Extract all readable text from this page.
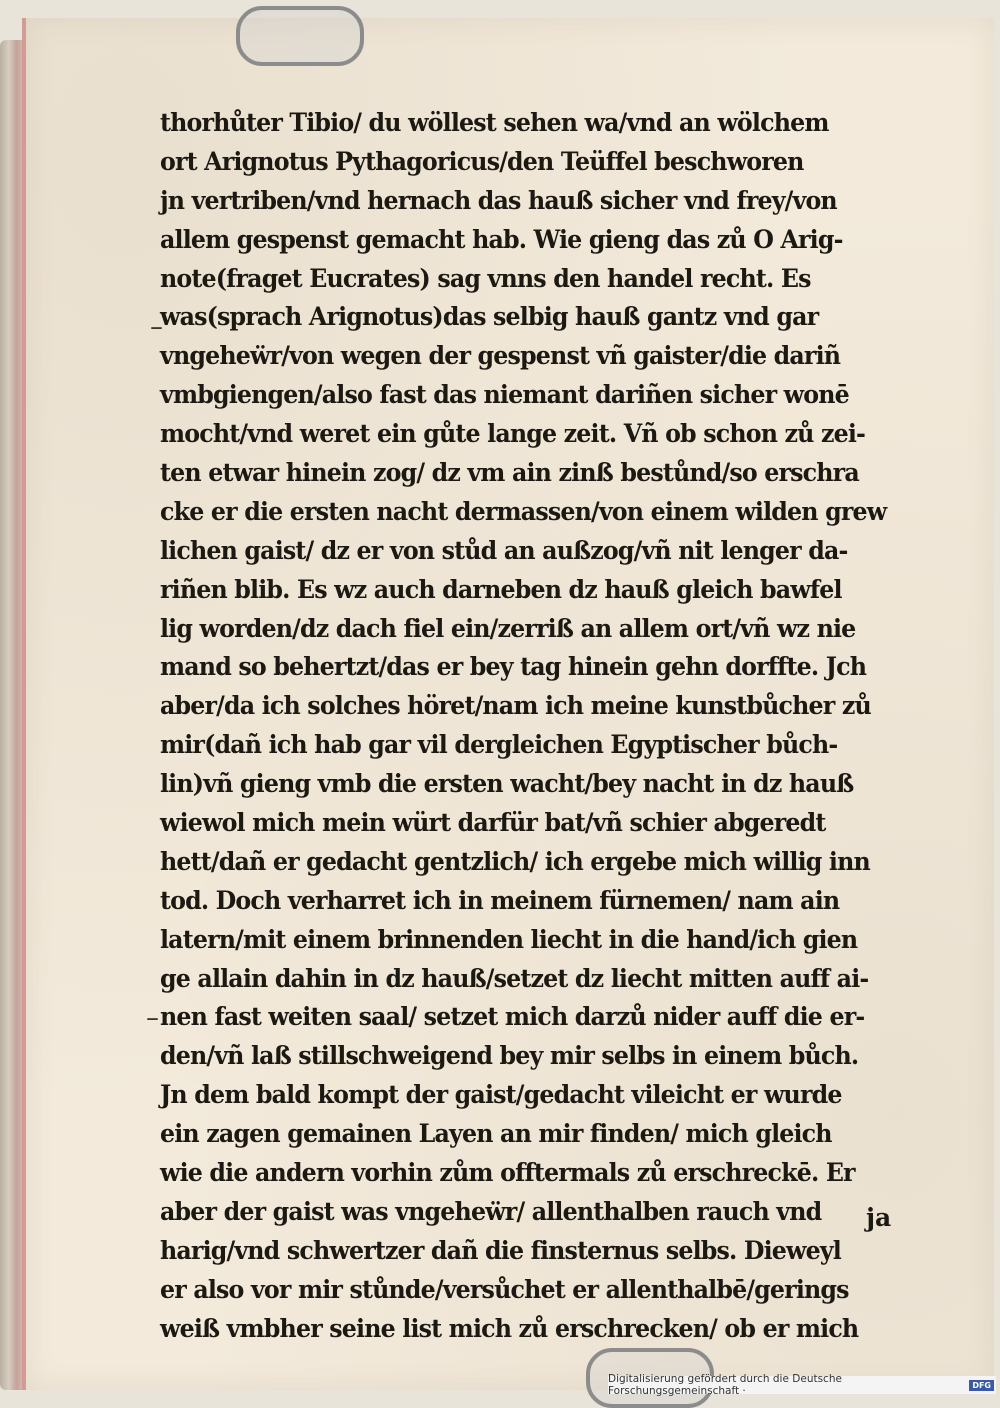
thorhůter Tibio/ du wöllest sehen wa/vnd an wölchem
ort Arignotus Pythagoricus/den Teüffel beschworen
jn vertriben/vnd hernach das hauß sicher vnd frey/von
allem gespenst gemacht hab. Wie gieng das zů O Arig-
note(fraget Eucrates) sag vnns den handel recht. Es
was(sprach Arignotus)das selbig hauß gantz vnd gar
vngeheẅr/von wegen der gespenst vñ gaister/die dariñ
vmbgiengen/also fast das niemant dariñen sicher wonē
mocht/vnd weret ein gůte lange zeit. Vñ ob schon zů zei-
ten etwar hinein zog/ dz vm ain zinß bestůnd/so erschra
cke er die ersten nacht dermassen/von einem wilden grew
lichen gaist/ dz er von stůd an außzog/vñ nit lenger da-
riñen blib. Es wz auch darneben dz hauß gleich bawfel
lig worden/dz dach fiel ein/zerriß an allem ort/vñ wz nie
mand so behertzt/das er bey tag hinein gehn dorffte. Jch
aber/da ich solches höret/nam ich meine kunstbůcher zů
mir(dañ ich hab gar vil dergleichen Egyptischer bůch-
lin)vñ gieng vmb die ersten wacht/bey nacht in dz hauß
wiewol mich mein würt darfür bat/vñ schier abgeredt
hett/dañ er gedacht gentzlich/ ich ergebe mich willig inn
tod. Doch verharret ich in meinem fürnemen/ nam ain
latern/mit einem brinnenden liecht in die hand/ich gien
ge allain dahin in dz hauß/setzet dz liecht mitten auff ai-
nen fast weiten saal/ setzet mich darzů nider auff die er-
den/vñ laß stillschweigend bey mir selbs in einem bůch.
Jn dem bald kompt der gaist/gedacht vileicht er wurde
ein zagen gemainen Layen an mir finden/ mich gleich
wie die andern vorhin zům offtermals zů erschreckē. Er
aber der gaist was vngeheẅr/ allenthalben rauch vnd
harig/vnd schwertzer dañ die finsternus selbs. Dieweyl
er also vor mir stůnde/versůchet er allenthalbē/gerings
weiß vmbher seine list mich zů erschrecken/ ob er mich
–
–
ja
Digitalisierung gefördert durch die Deutsche Forschungsgemeinschaft ·	DFG
